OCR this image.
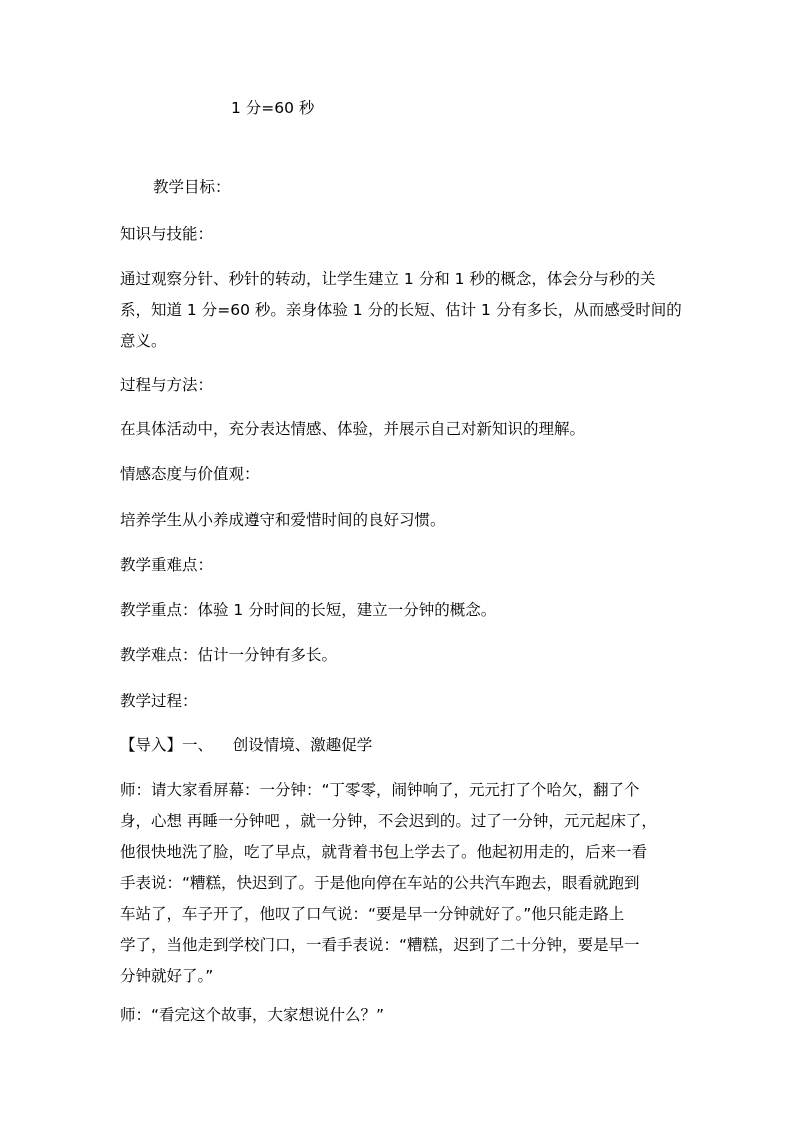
1 分=60 秒
教学目标：
知识与技能：
通过观察分针、秒针的转动，让学生建立 1 分和 1 秒的概念，体会分与秒的关
系，知道 1 分=60 秒。亲身体验 1 分的长短、估计 1 分有多长，从而感受时间的
意义。
过程与方法：
在具体活动中，充分表达情感、体验，并展示自己对新知识的理解。
情感态度与价值观：
培养学生从小养成遵守和爱惜时间的良好习惯。
教学重难点：
教学重点：体验 1 分时间的长短，建立一分钟的概念。
教学难点：估计一分钟有多长。
教学过程：
【导入】一、    创设情境、激趣促学
师：请大家看屏幕：一分钟：“丁零零，闹钟响了，元元打了个哈欠，翻了个
身，心想 再睡一分钟吧 ，就一分钟，不会迟到的。过了一分钟，元元起床了，
他很快地洗了脸，吃了早点，就背着书包上学去了。他起初用走的，后来一看
手表说：“糟糕，快迟到了。于是他向停在车站的公共汽车跑去，眼看就跑到
车站了，车子开了，他叹了口气说：“要是早一分钟就好了。”他只能走路上
学了，当他走到学校门口，一看手表说：“糟糕，迟到了二十分钟，要是早一
分钟就好了。”
师：“看完这个故事，大家想说什么？”
